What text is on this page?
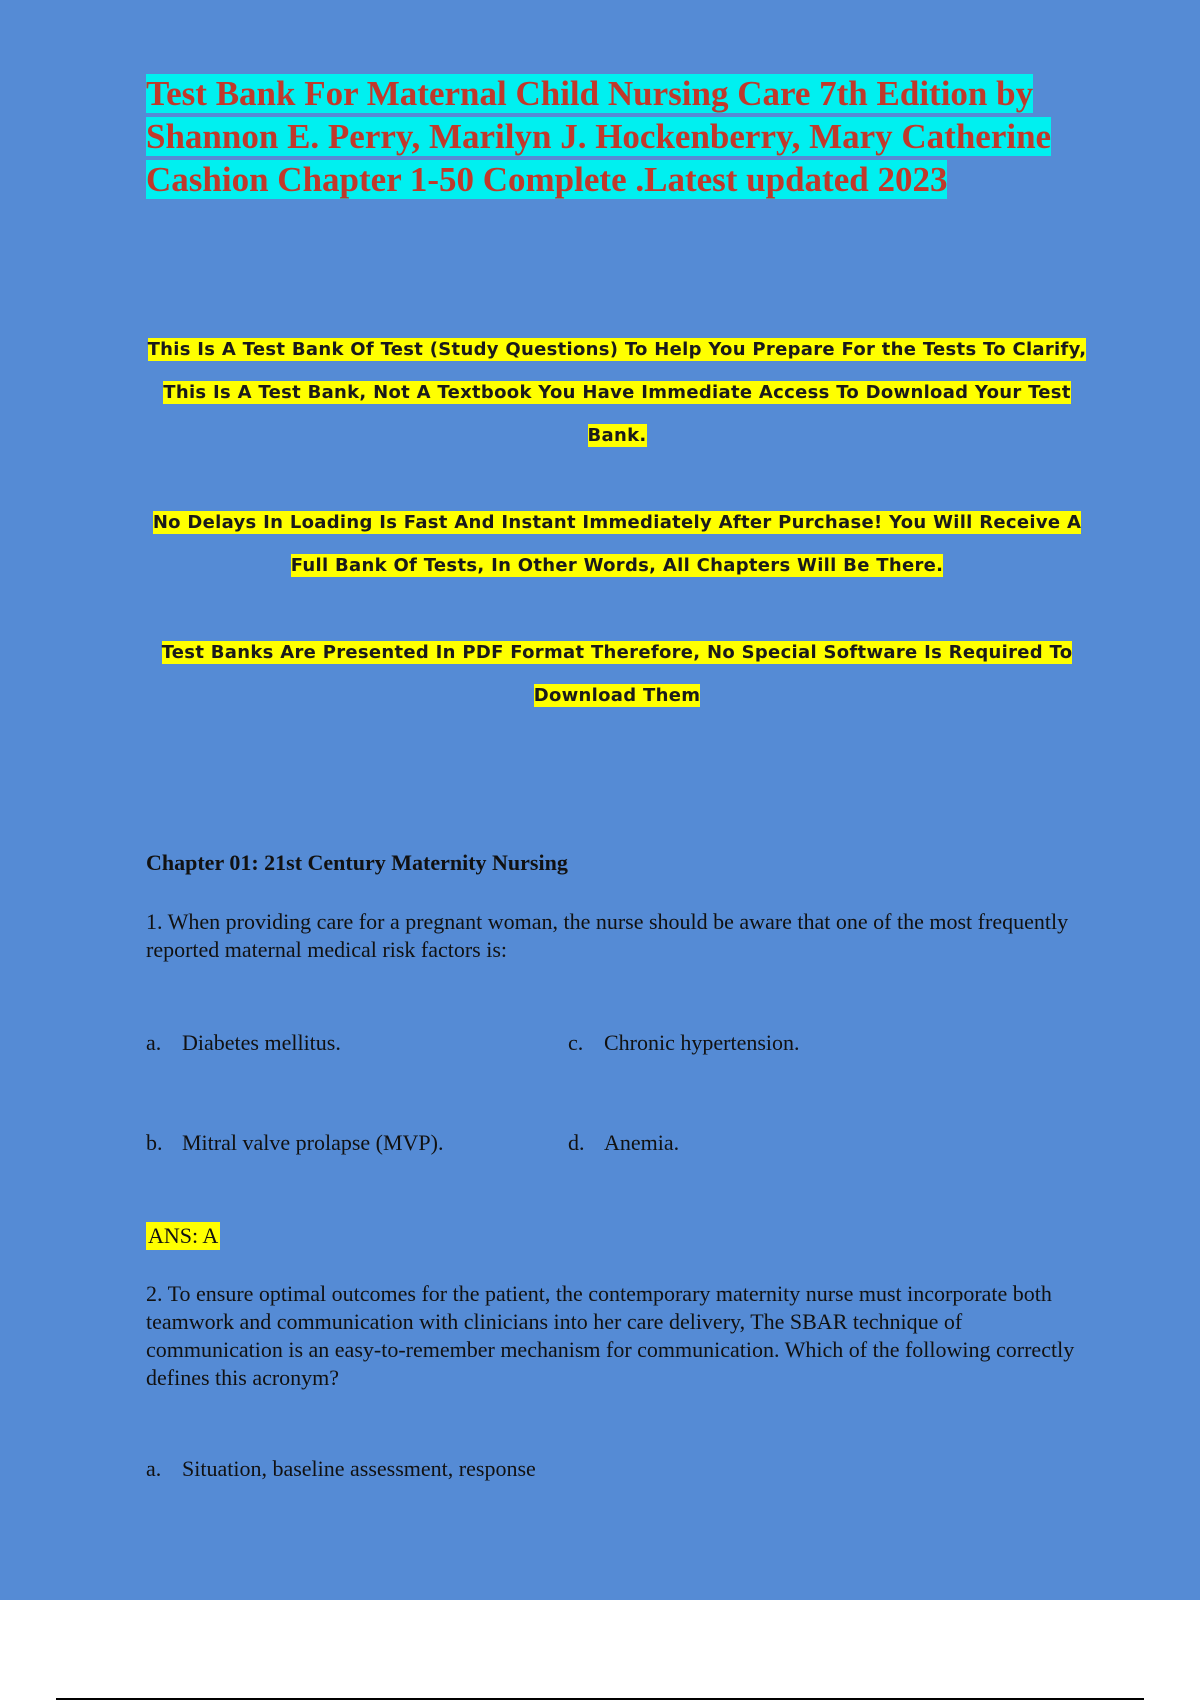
Test Bank For Maternal Child Nursing Care 7th Edition by Shannon E. Perry, Marilyn J. Hockenberry, Mary Catherine Cashion Chapter 1-50 Complete .Latest updated 2023
This Is A Test Bank Of Test (Study Questions) To Help You Prepare For the Tests To Clarify, This Is A Test Bank, Not A Textbook You Have Immediate Access To Download Your Test Bank.
No Delays In Loading Is Fast And Instant Immediately After Purchase! You Will Receive A Full Bank Of Tests, In Other Words, All Chapters Will Be There.
Test Banks Are Presented In PDF Format Therefore, No Special Software Is Required To Download Them
Chapter 01: 21st Century Maternity Nursing

1. When providing care for a pregnant woman, the nurse should be aware that one of the most frequently reported maternal medical risk factors is:

a. Diabetes mellitus.	c. Chronic hypertension.
b. Mitral valve prolapse (MVP).	d. Anemia.
ANS: A

2. To ensure optimal outcomes for the patient, the contemporary maternity nurse must incorporate both teamwork and communication with clinicians into her care delivery, The SBAR technique of communication is an easy-to-remember mechanism for communication. Which of the following correctly defines this acronym?

a. Situation, baseline assessment, response
